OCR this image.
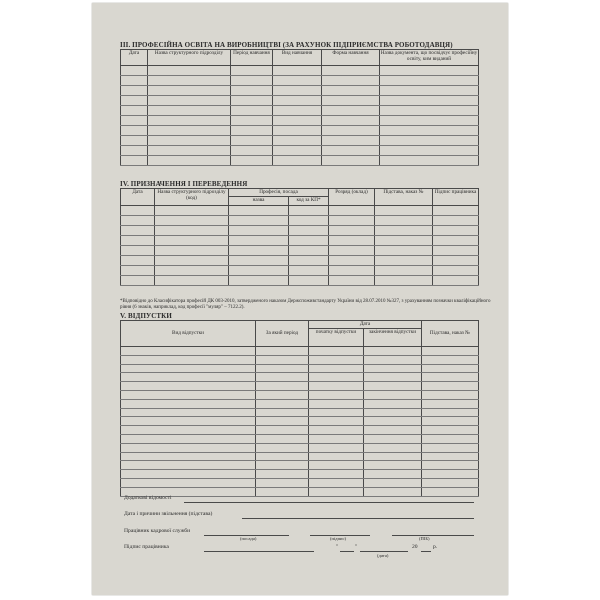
III. ПРОФЕСІЙНА ОСВІТА НА ВИРОБНИЦТВІ (ЗА РАХУНОК ПІДПРИЄМСТВА РОБОТОДАВЦЯ)
Дата	Назва структурного підрозділу	Період навчання	Вид навчання	Форма навчання	Назва документа, що посвідчує професійну освіту, ким виданий

IV. ПРИЗНАЧЕННЯ І ПЕРЕВЕДЕННЯ
Дата	Назва структурного підрозділу (код)	Професія, посада		Розряд (оклад)	Підстава, наказ №	Підпис працівника
		назва	код за КП*			

*Відповідно до Класифікатора професій ДК 003-2010, затвердженого наказом Держспоживстандарту України від 28.07.2010 №327, з урахуванням позначки кваліфікаційного рівня (6 знаків, наприклад, код професії "муляр" – 7122.2).
V. ВІДПУСТКИ
Вид відпустки	За який період	Дата		Підстава, наказ №
		початку відпустки	закінчення відпустки	

Додаткові відомості
Дата і причини звільнення (підстава)
Працівник кадрової служби
(посада)	(підпис)	(ПІБ)
Підпис працівника	"	"	20	р.
(дата)
